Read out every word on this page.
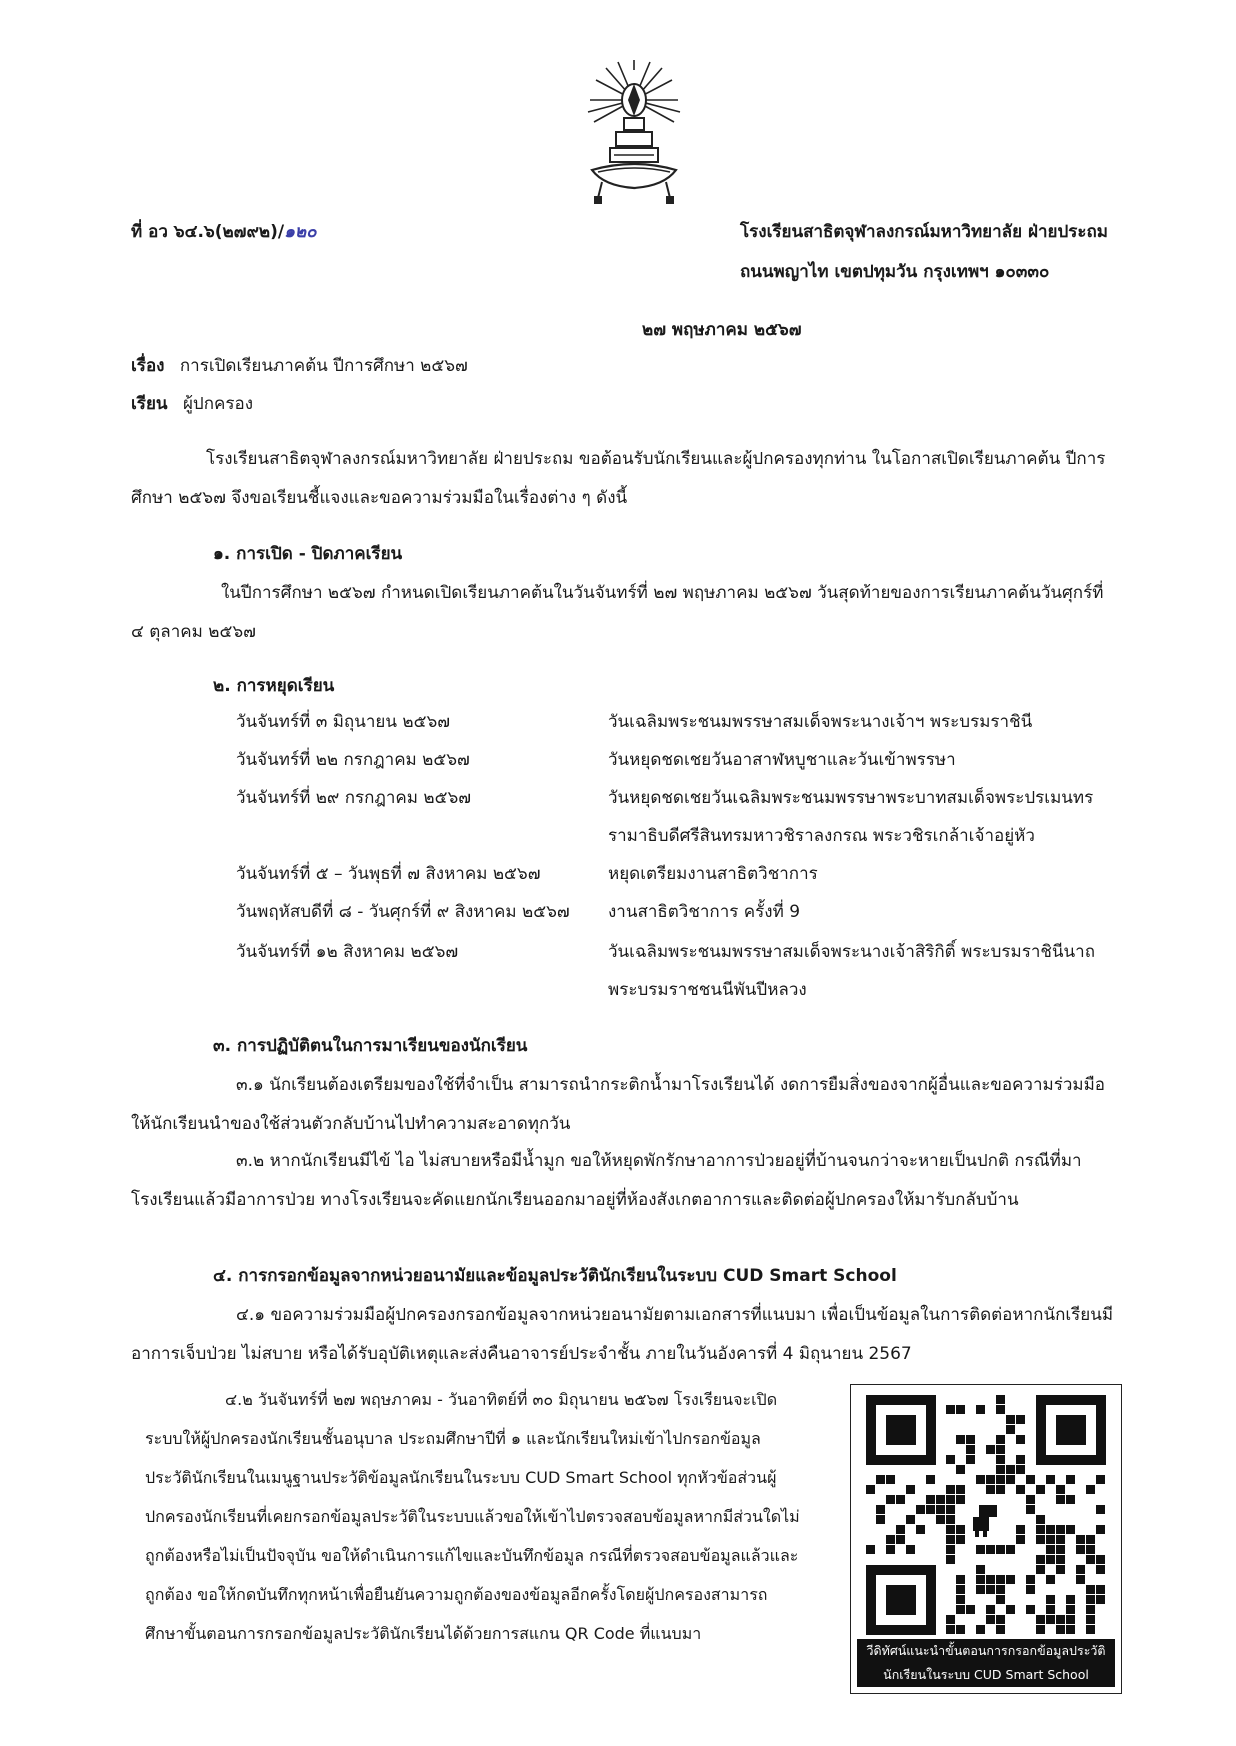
ที่ อว ๖๔.๖(๒๗๙๒)/๑๒๐	โรงเรียนสาธิตจุฬาลงกรณ์มหาวิทยาลัย ฝ่ายประถม
ถนนพญาไท เขตปทุมวัน กรุงเทพฯ ๑๐๓๓๐
๒๗ พฤษภาคม ๒๕๖๗
เรื่อง การเปิดเรียนภาคต้น ปีการศึกษา ๒๕๖๗
เรียน ผู้ปกครอง
โรงเรียนสาธิตจุฬาลงกรณ์มหาวิทยาลัย ฝ่ายประถม ขอต้อนรับนักเรียนและผู้ปกครองทุกท่าน ในโอกาสเปิดเรียนภาคต้น ปีการศึกษา ๒๕๖๗ จึงขอเรียนชี้แจงและขอความร่วมมือในเรื่องต่าง ๆ ดังนี้
๑. การเปิด - ปิดภาคเรียน
ในปีการศึกษา ๒๕๖๗ กำหนดเปิดเรียนภาคต้นในวันจันทร์ที่ ๒๗ พฤษภาคม ๒๕๖๗ วันสุดท้ายของการเรียนภาคต้นวันศุกร์ที่ ๔ ตุลาคม ๒๕๖๗
๒. การหยุดเรียน
วันจันทร์ที่ ๓ มิถุนายน ๒๕๖๗	วันเฉลิมพระชนมพรรษาสมเด็จพระนางเจ้าฯ พระบรมราชินี
วันจันทร์ที่ ๒๒ กรกฎาคม ๒๕๖๗	วันหยุดชดเชยวันอาสาฬหบูชาและวันเข้าพรรษา
วันจันทร์ที่ ๒๙ กรกฎาคม ๒๕๖๗	วันหยุดชดเชยวันเฉลิมพระชนมพรรษาพระบาทสมเด็จพระปรเมนทร
รามาธิบดีศรีสินทรมหาวชิราลงกรณ พระวชิรเกล้าเจ้าอยู่หัว
วันจันทร์ที่ ๕ – วันพุธที่ ๗ สิงหาคม ๒๕๖๗	หยุดเตรียมงานสาธิตวิชาการ
วันพฤหัสบดีที่ ๘ - วันศุกร์ที่ ๙ สิงหาคม ๒๕๖๗ งานสาธิตวิชาการ ครั้งที่ 9
วันจันทร์ที่ ๑๒ สิงหาคม ๒๕๖๗	วันเฉลิมพระชนมพรรษาสมเด็จพระนางเจ้าสิริกิติ์ พระบรมราชินีนาถ
พระบรมราชชนนีพันปีหลวง
๓. การปฏิบัติตนในการมาเรียนของนักเรียน
๓.๑ นักเรียนต้องเตรียมของใช้ที่จำเป็น สามารถนำกระติกน้ำมาโรงเรียนได้ งดการยืมสิ่งของจากผู้อื่นและขอความร่วมมือให้นักเรียนนำของใช้ส่วนตัวกลับบ้านไปทำความสะอาดทุกวัน
๓.๒ หากนักเรียนมีไข้ ไอ ไม่สบายหรือมีน้ำมูก ขอให้หยุดพักรักษาอาการป่วยอยู่ที่บ้านจนกว่าจะหายเป็นปกติ กรณีที่มาโรงเรียนแล้วมีอาการป่วย ทางโรงเรียนจะคัดแยกนักเรียนออกมาอยู่ที่ห้องสังเกตอาการและติดต่อผู้ปกครองให้มารับกลับบ้าน
๔. การกรอกข้อมูลจากหน่วยอนามัยและข้อมูลประวัตินักเรียนในระบบ CUD Smart School
๔.๑ ขอความร่วมมือผู้ปกครองกรอกข้อมูลจากหน่วยอนามัยตามเอกสารที่แนบมา เพื่อเป็นข้อมูลในการติดต่อหากนักเรียนมีอาการเจ็บป่วย ไม่สบาย หรือได้รับอุบัติเหตุและส่งคืนอาจารย์ประจำชั้น ภายในวันอังคารที่ 4 มิถุนายน 2567
๔.๒ วันจันทร์ที่ ๒๗ พฤษภาคม - วันอาทิตย์ที่ ๓๐ มิถุนายน ๒๕๖๗ โรงเรียนจะเปิดระบบให้ผู้ปกครองนักเรียนชั้นอนุบาล ประถมศึกษาปีที่ ๑ และนักเรียนใหม่เข้าไปกรอกข้อมูลประวัตินักเรียนในเมนูฐานประวัติข้อมูลนักเรียนในระบบ CUD Smart School ทุกหัวข้อส่วนผู้ปกครองนักเรียนที่เคยกรอกข้อมูลประวัติในระบบแล้วขอให้เข้าไปตรวจสอบข้อมูลหากมีส่วนใดไม่ถูกต้องหรือไม่เป็นปัจจุบัน ขอให้ดำเนินการแก้ไขและบันทึกข้อมูล กรณีที่ตรวจสอบข้อมูลแล้วและถูกต้อง ขอให้กดบันทึกทุกหน้าเพื่อยืนยันความถูกต้องของข้อมูลอีกครั้งโดยผู้ปกครองสามารถศึกษาขั้นตอนการกรอกข้อมูลประวัตินักเรียนได้ด้วยการสแกน QR Code ที่แนบมา
วีดิทัศน์แนะนำขั้นตอนการกรอกข้อมูลประวัติ
นักเรียนในระบบ CUD Smart School
